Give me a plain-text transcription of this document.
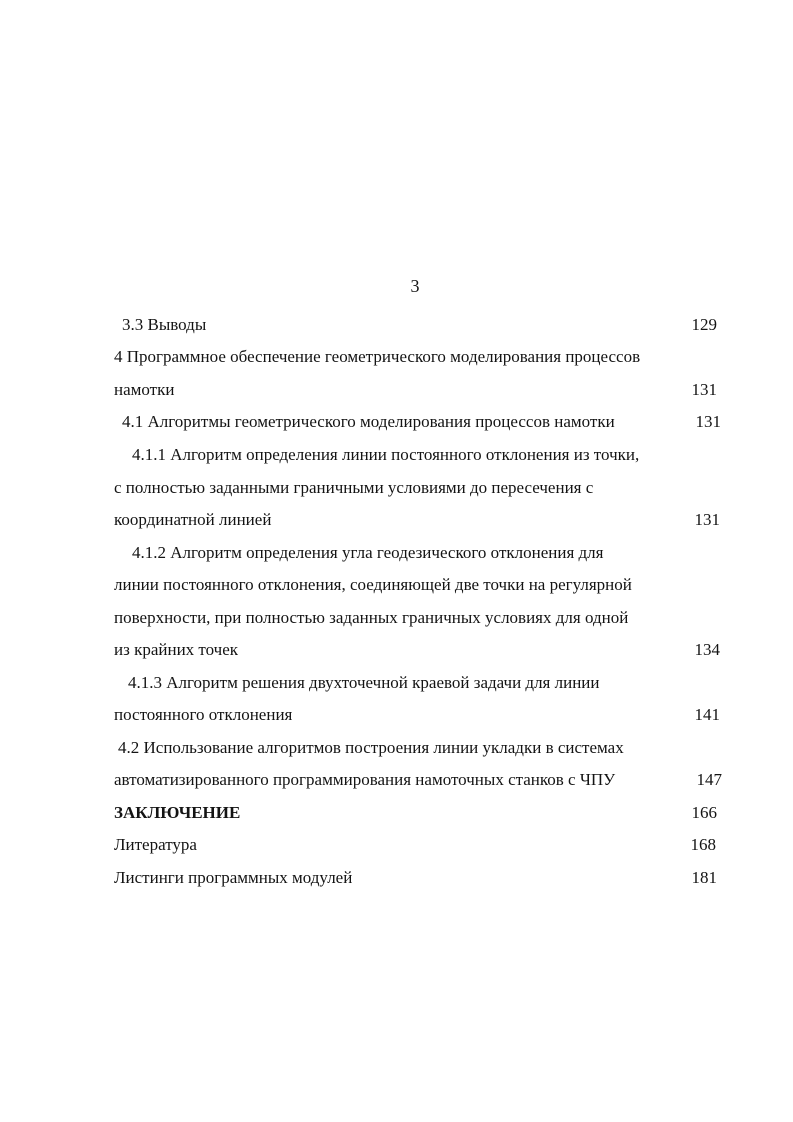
3
3.3 Выводы	129
4 Программное обеспечение геометрического моделирования процессов
намотки	131
4.1 Алгоритмы геометрического моделирования процессов намотки	131
4.1.1 Алгоритм определения линии постоянного отклонения из точки,
с полностью заданными граничными условиями до пересечения с
координатной линией	131
4.1.2 Алгоритм определения угла геодезического отклонения для
линии постоянного отклонения, соединяющей две точки на регулярной
поверхности, при полностью заданных граничных условиях для одной
из крайних точек	134
4.1.3 Алгоритм решения двухточечной краевой задачи для линии
постоянного отклонения	141
4.2 Использование алгоритмов построения линии укладки в системах
автоматизированного программирования намоточных станков с ЧПУ	147
ЗАКЛЮЧЕНИЕ	166
Литература	168
Листинги программных модулей	181
